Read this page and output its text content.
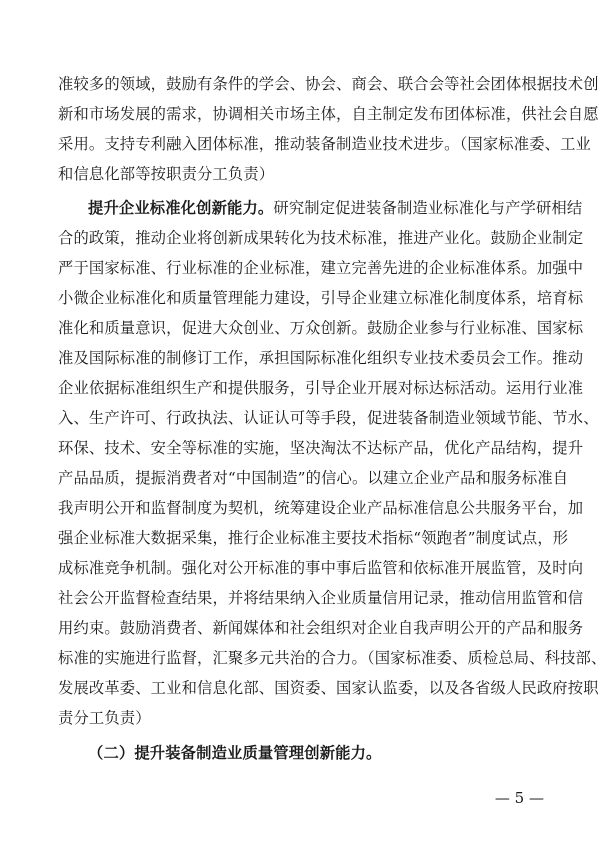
准较多的领域，鼓励有条件的学会、协会、商会、联合会等社会团体根据技术创
新和市场发展的需求，协调相关市场主体，自主制定发布团体标准，供社会自愿
采用。支持专利融入团体标准，推动装备制造业技术进步。（国家标准委、工业
和信息化部等按职责分工负责）
提升企业标准化创新能力。研究制定促进装备制造业标准化与产学研相结
合的政策，推动企业将创新成果转化为技术标准，推进产业化。鼓励企业制定
严于国家标准、行业标准的企业标准，建立完善先进的企业标准体系。加强中
小微企业标准化和质量管理能力建设，引导企业建立标准化制度体系，培育标
准化和质量意识，促进大众创业、万众创新。鼓励企业参与行业标准、国家标
准及国际标准的制修订工作，承担国际标准化组织专业技术委员会工作。推动
企业依据标准组织生产和提供服务，引导企业开展对标达标活动。运用行业准
入、生产许可、行政执法、认证认可等手段，促进装备制造业领域节能、节水、
环保、技术、安全等标准的实施，坚决淘汰不达标产品，优化产品结构，提升
产品品质，提振消费者对“中国制造”的信心。以建立企业产品和服务标准自
我声明公开和监督制度为契机，统筹建设企业产品标准信息公共服务平台，加
强企业标准大数据采集，推行企业标准主要技术指标“领跑者”制度试点，形
成标准竞争机制。强化对公开标准的事中事后监管和依标准开展监管，及时向
社会公开监督检查结果，并将结果纳入企业质量信用记录，推动信用监管和信
用约束。鼓励消费者、新闻媒体和社会组织对企业自我声明公开的产品和服务
标准的实施进行监督，汇聚多元共治的合力。（国家标准委、质检总局、科技部、
发展改革委、工业和信息化部、国资委、国家认监委，以及各省级人民政府按职
责分工负责）
（二）提升装备制造业质量管理创新能力。
— 5 —
